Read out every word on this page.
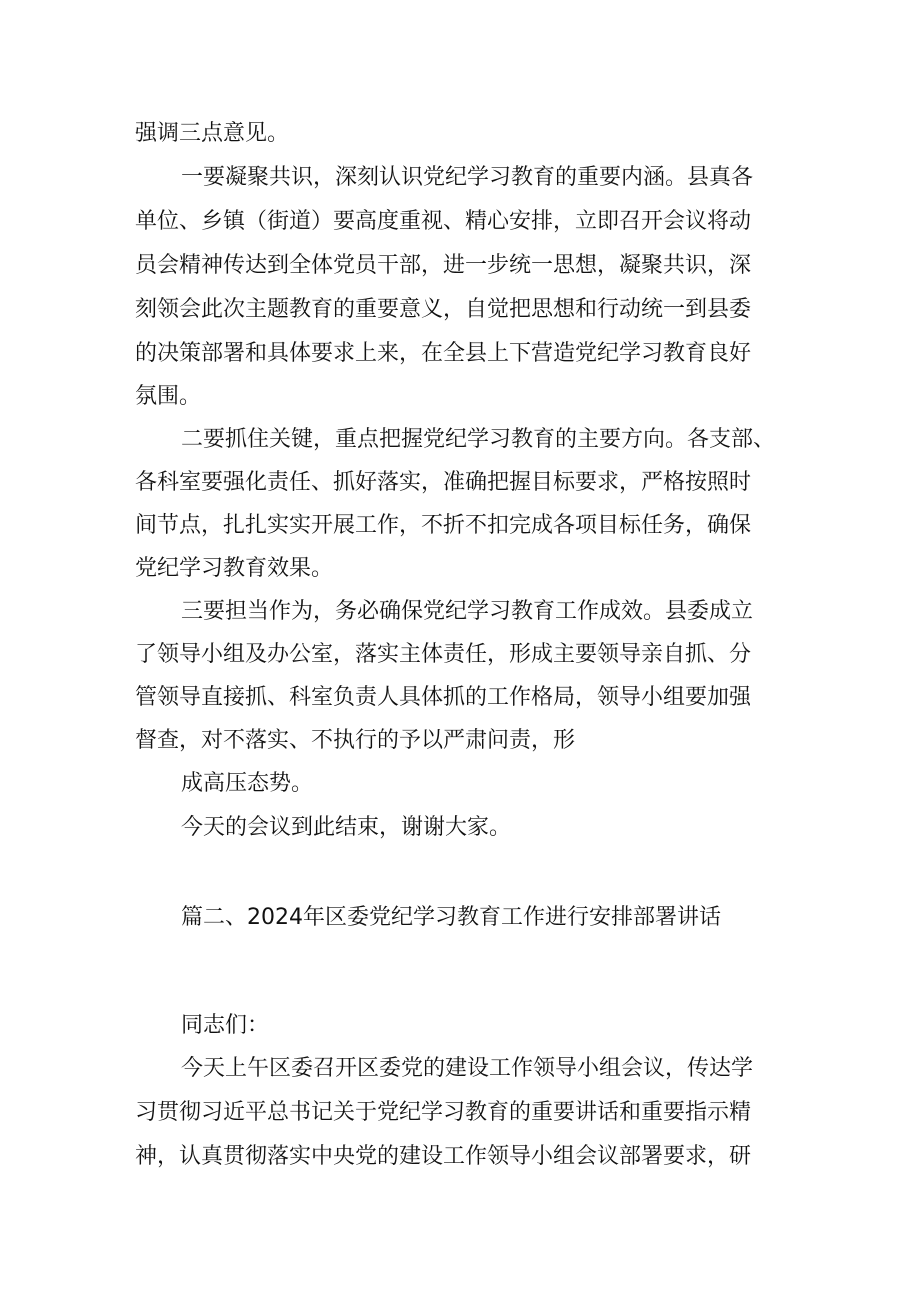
强调三点意见。
一要凝聚共识，深刻认识党纪学习教育的重要内涵。县真各
单位、乡镇（街道）要高度重视、精心安排，立即召开会议将动
员会精神传达到全体党员干部，进一步统一思想，凝聚共识，深
刻领会此次主题教育的重要意义，自觉把思想和行动统一到县委
的决策部署和具体要求上来，在全县上下营造党纪学习教育良好
氛围。
二要抓住关键，重点把握党纪学习教育的主要方向。各支部、
各科室要强化责任、抓好落实，准确把握目标要求，严格按照时
间节点，扎扎实实开展工作，不折不扣完成各项目标任务，确保
党纪学习教育效果。
三要担当作为，务必确保党纪学习教育工作成效。县委成立
了领导小组及办公室，落实主体责任，形成主要领导亲自抓、分
管领导直接抓、科室负责人具体抓的工作格局，领导小组要加强
督查，对不落实、不执行的予以严肃问责，形
成高压态势。
今天的会议到此结束，谢谢大家。
篇二、2024年区委党纪学习教育工作进行安排部署讲话
同志们：
今天上午区委召开区委党的建设工作领导小组会议，传达学
习贯彻习近平总书记关于党纪学习教育的重要讲话和重要指示精
神，认真贯彻落实中央党的建设工作领导小组会议部署要求，研
